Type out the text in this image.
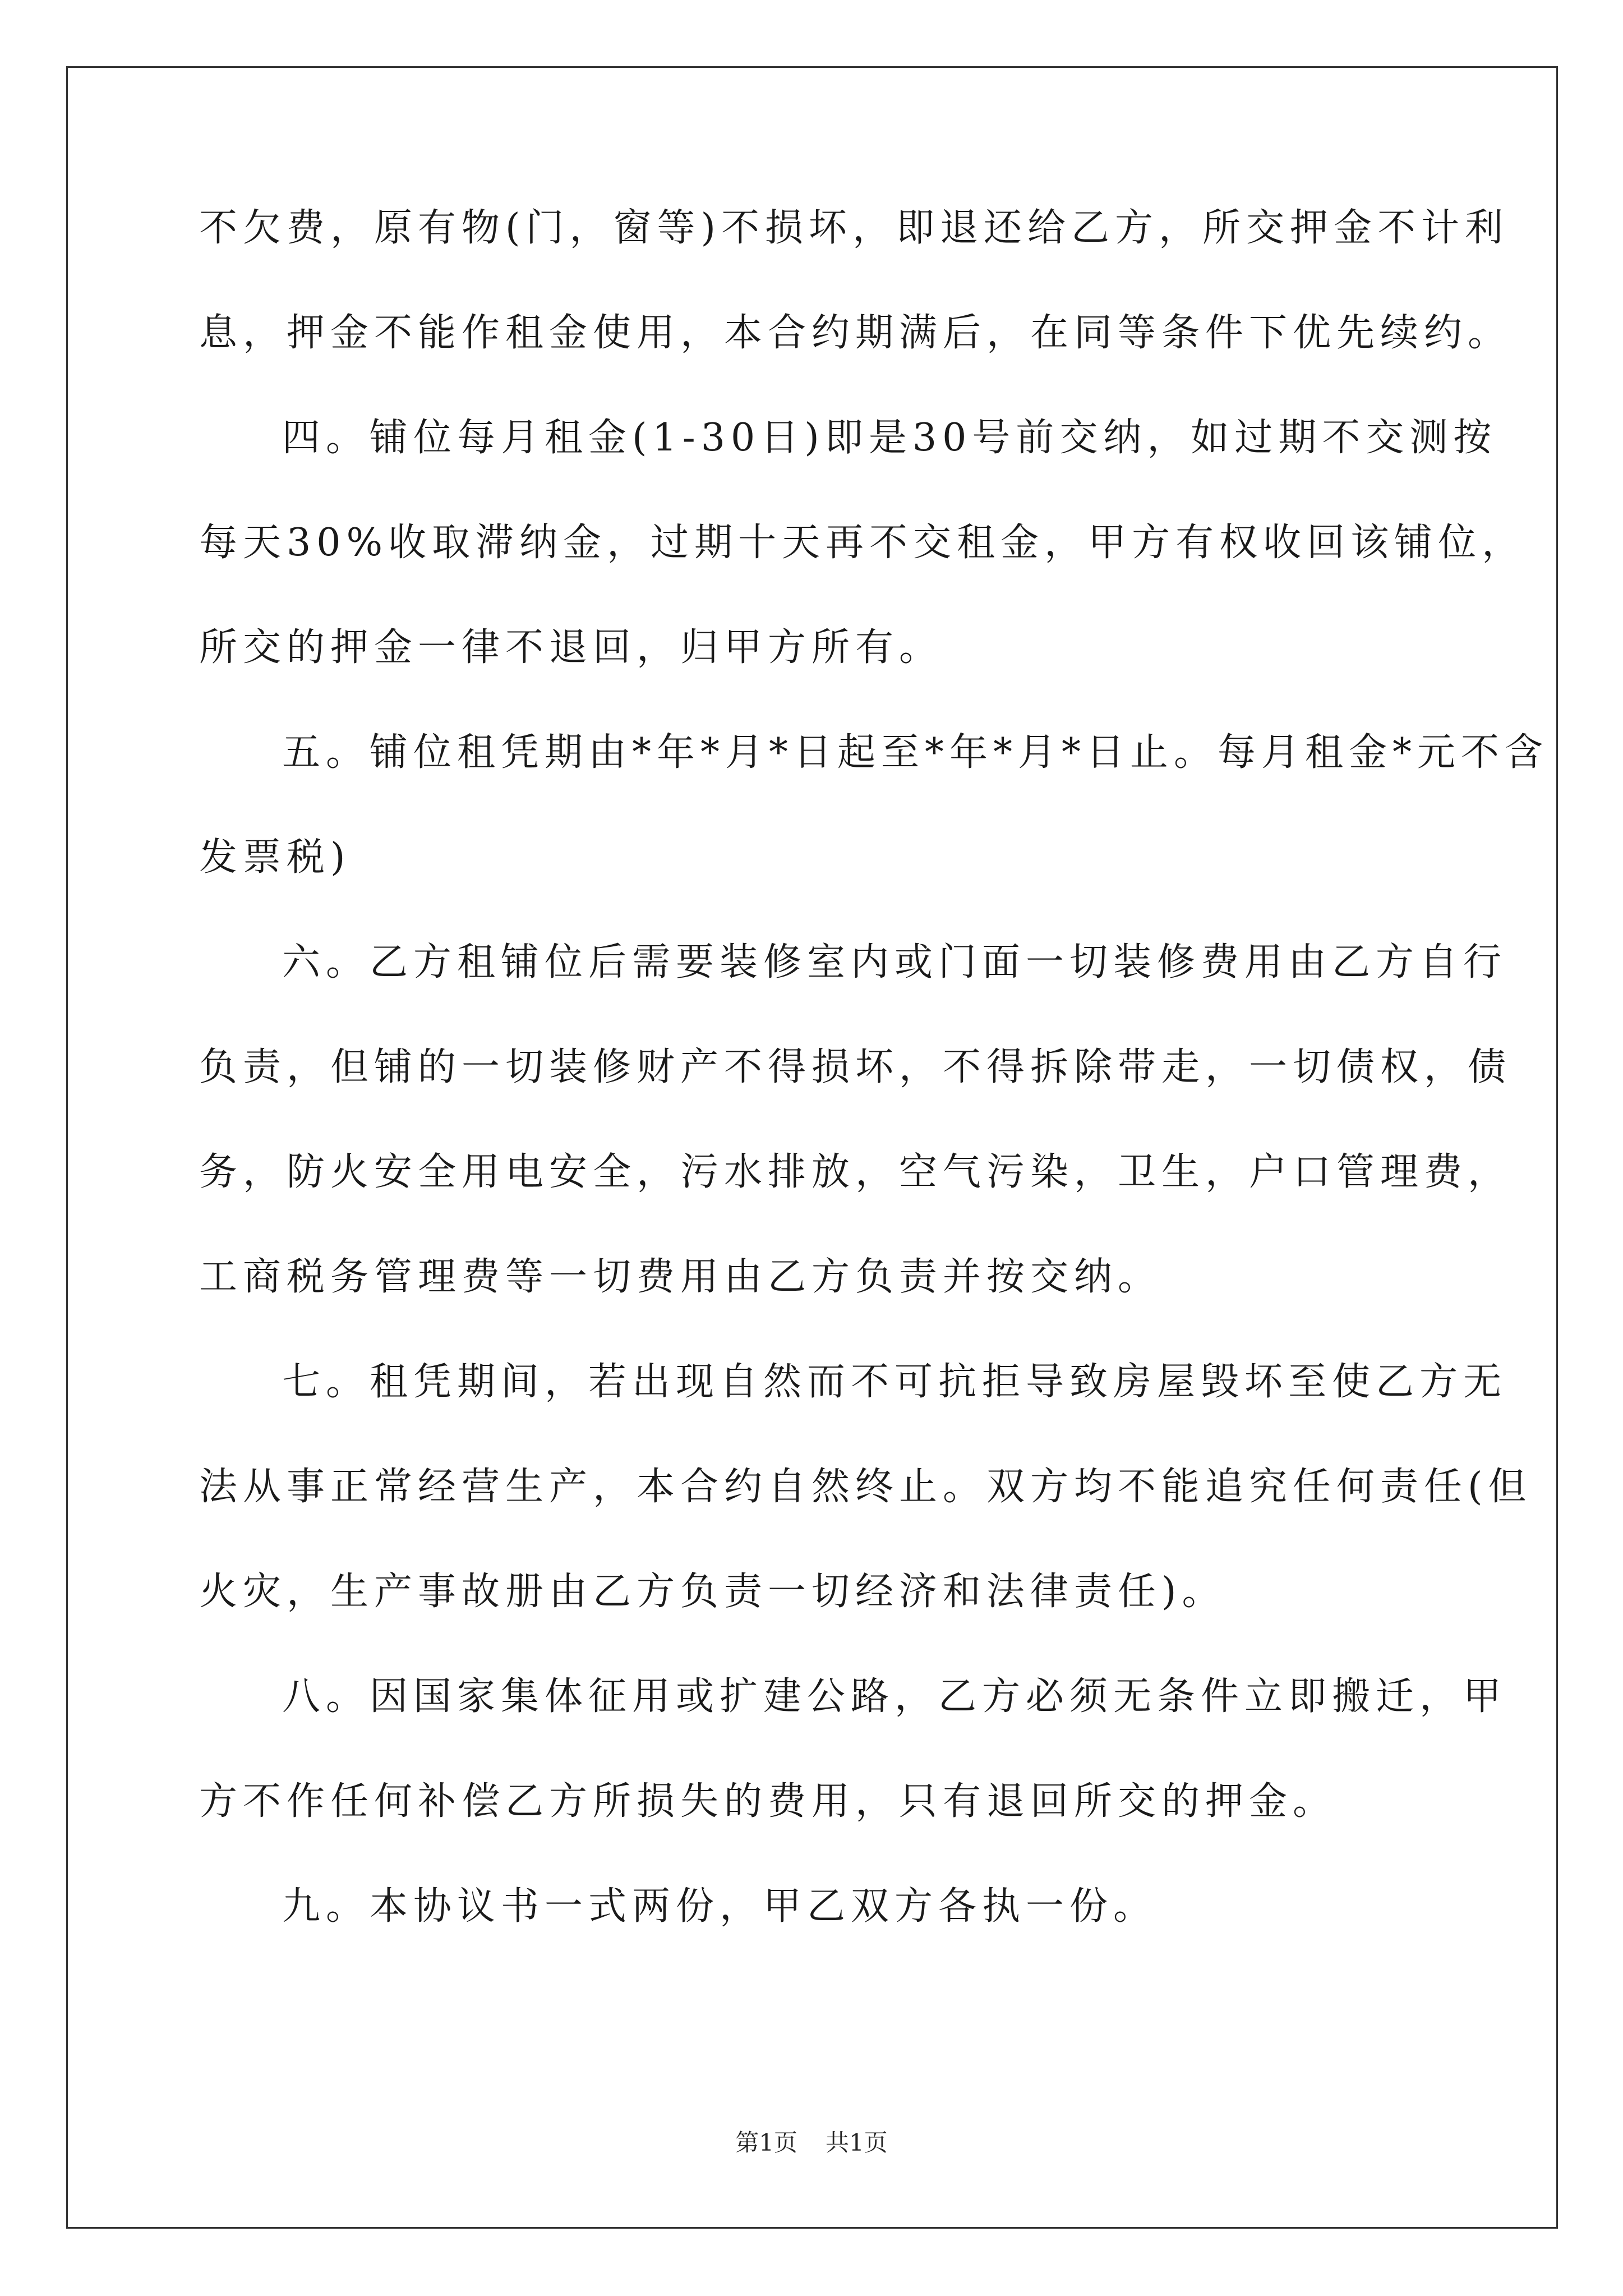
不欠费，原有物(门，窗等)不损坏，即退还给乙方，所交押金不计利
息，押金不能作租金使用，本合约期满后，在同等条件下优先续约。
四。铺位每月租金(1-30日)即是30号前交纳，如过期不交测按
每天30%收取滞纳金，过期十天再不交租金，甲方有权收回该铺位，
所交的押金一律不退回，归甲方所有。
五。铺位租凭期由*年*月*日起至*年*月*日止。每月租金*元不含
发票税)
六。乙方租铺位后需要装修室内或门面一切装修费用由乙方自行
负责，但铺的一切装修财产不得损坏，不得拆除带走，一切债权，债
务，防火安全用电安全，污水排放，空气污染，卫生，户口管理费，
工商税务管理费等一切费用由乙方负责并按交纳。
七。租凭期间，若出现自然而不可抗拒导致房屋毁坏至使乙方无
法从事正常经营生产，本合约自然终止。双方均不能追究任何责任(但
火灾，生产事故册由乙方负责一切经济和法律责任)。
八。因国家集体征用或扩建公路，乙方必须无条件立即搬迁，甲
方不作任何补偿乙方所损失的费用，只有退回所交的押金。
九。本协议书一式两份，甲乙双方各执一份。
第1页 共1页
